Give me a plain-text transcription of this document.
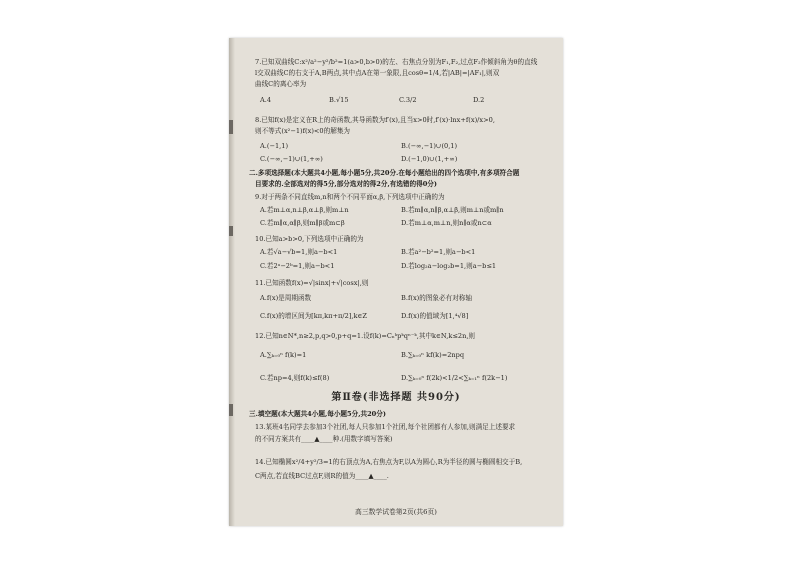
7.已知双曲线C:x²/a²−y²/b²=1(a>0,b>0)的左、右焦点分别为F₁,F₂,过点F₂作倾斜角为θ的直线
l交双曲线C的右支于A,B两点,其中点A在第一象限,且cosθ=1/4,若|AB|=|AF₁|,则双
曲线C的离心率为
A.4	B.√15	C.3/2	D.2
8.已知f(x)是定义在R上的奇函数,其导函数为f′(x),且当x>0时,f′(x)·lnx+f(x)/x>0,
则不等式(x²−1)f(x)<0的解集为
A.(−1,1)	B.(−∞,−1)∪(0,1)
C.(−∞,−1)∪(1,+∞)	D.(−1,0)∪(1,+∞)
二.多项选择题(本大题共4小题,每小题5分,共20分.在每小题给出的四个选项中,有多项符合题
目要求的.全部选对的得5分,部分选对的得2分,有选错的得0分)
9.对于两条不同直线m,n和两个不同平面α,β,下列选项中正确的为
A.若m⊥α,n⊥β,α⊥β,则m⊥n	B.若m∥α,n∥β,α⊥β,则m⊥n或m∥n
C.若m∥α,α∥β,则m∥β或m⊂β	D.若m⊥α,m⊥n,则n∥α或n⊂α
10.已知a>b>0,下列选项中正确的为
A.若√a−√b=1,则a−b<1	B.若a²−b²=1,则a−b<1
C.若2ᵃ−2ᵇ=1,则a−b<1	D.若log₂a−log₂b=1,则a−b≤1
11.已知函数f(x)=√|sinx|+√|cosx|,则
A.f(x)是周期函数	B.f(x)的图象必有对称轴
C.f(x)的增区间为[kπ,kπ+π/2],k∈Z	D.f(x)的值域为[1,⁴√8]
12.已知n∈N*,n≥2,p,q>0,p+q=1.设f(k)=Cₙᵏpᵏqⁿ⁻ᵏ,其中k∈N,k≤2n,则
A.∑ₖ₌₀ⁿ f(k)=1	B.∑ₖ₌₀ⁿ kf(k)=2npq
C.若np=4,则f(k)≤f(8)	D.∑ₖ₌₀ⁿ f(2k)<1/2<∑ₖ₌₁ⁿ f(2k−1)
第Ⅱ卷(非选择题 共90分)
三.填空题(本大题共4小题,每小题5分,共20分)
13.某班4名同学去参加3个社团,每人只参加1个社团,每个社团都有人参加,则满足上述要求
的不同方案共有____▲____种.(用数字填写答案)
14.已知椭圆x²/4+y²/3=1的右顶点为A,右焦点为F,以A为圆心,R为半径的圆与椭圆相交于B,
C两点,若直线BC过点F,则R的值为____▲____.
高三数学试卷第2页(共6页)
